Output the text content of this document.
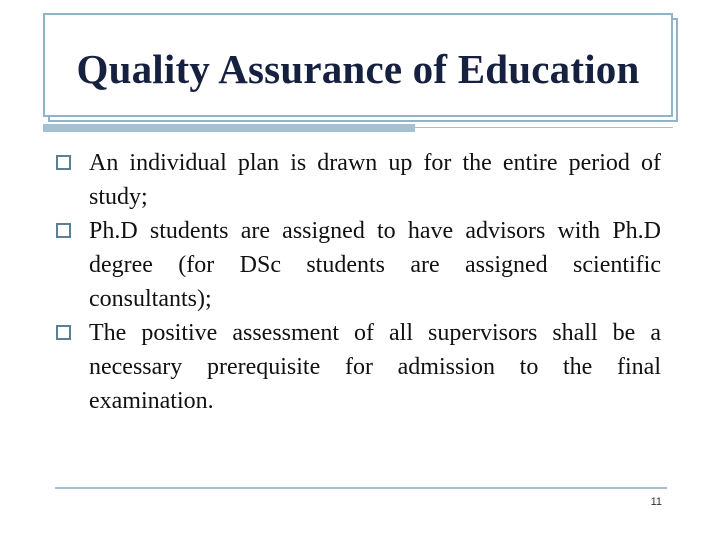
Quality Assurance of Education
An individual plan is drawn up for the entire period of study;
Ph.D students are assigned to have advisors with Ph.D degree (for DSc students are assigned scientific consultants);
The positive assessment of all supervisors shall be a necessary prerequisite for admission to the final examination.
11
